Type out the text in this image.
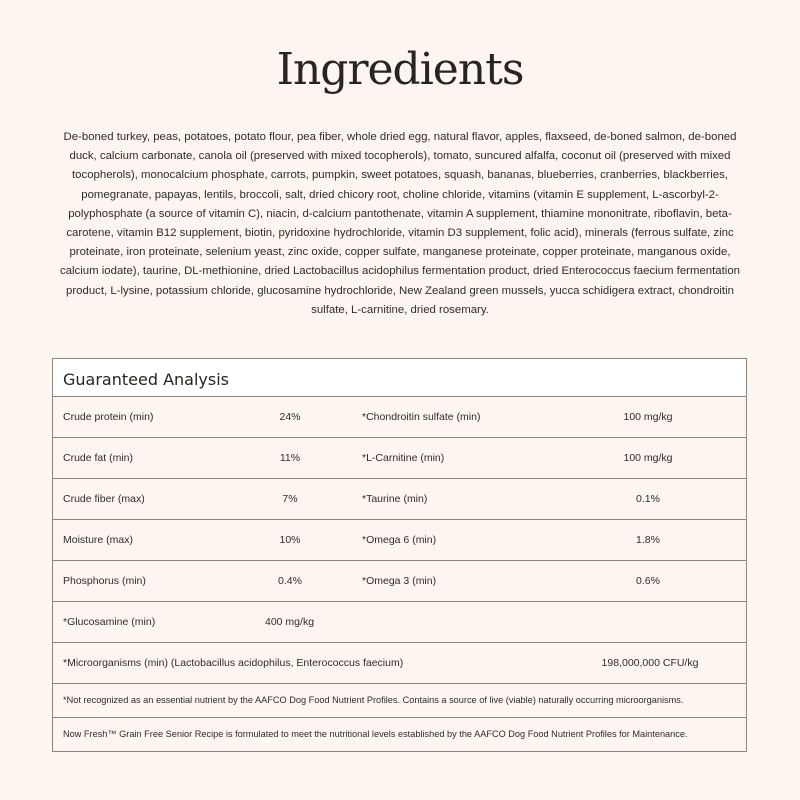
Ingredients

De-boned turkey, peas, potatoes, potato flour, pea fiber, whole dried egg, natural flavor, apples, flaxseed, de-boned salmon, de-boned duck, calcium carbonate, canola oil (preserved with mixed tocopherols), tomato, suncured alfalfa, coconut oil (preserved with mixed tocopherols), monocalcium phosphate, carrots, pumpkin, sweet potatoes, squash, bananas, blueberries, cranberries, blackberries, pomegranate, papayas, lentils, broccoli, salt, dried chicory root, choline chloride, vitamins (vitamin E supplement, L-ascorbyl-2-polyphosphate (a source of vitamin C), niacin, d-calcium pantothenate, vitamin A supplement, thiamine mononitrate, riboflavin, beta-carotene, vitamin B12 supplement, biotin, pyridoxine hydrochloride, vitamin D3 supplement, folic acid), minerals (ferrous sulfate, zinc proteinate, iron proteinate, selenium yeast, zinc oxide, copper sulfate, manganese proteinate, copper proteinate, manganous oxide, calcium iodate), taurine, DL-methionine, dried Lactobacillus acidophilus fermentation product, dried Enterococcus faecium fermentation product, L-lysine, potassium chloride, glucosamine hydrochloride, New Zealand green mussels, yucca schidigera extract, chondroitin sulfate, L-carnitine, dried rosemary.

Guaranteed Analysis
Crude protein (min)	24%	*Chondroitin sulfate (min)	100 mg/kg
Crude fat (min)	11%	*L-Carnitine (min)	100 mg/kg
Crude fiber (max)	7%	*Taurine (min)	0.1%
Moisture (max)	10%	*Omega 6 (min)	1.8%
Phosphorus (min)	0.4%	*Omega 3 (min)	0.6%
*Glucosamine (min)	400 mg/kg
*Microorganisms (min) (Lactobacillus acidophilus, Enterococcus faecium)	198,000,000 CFU/kg
*Not recognized as an essential nutrient by the AAFCO Dog Food Nutrient Profiles. Contains a source of live (viable) naturally occurring microorganisms.
Now Fresh™ Grain Free Senior Recipe is formulated to meet the nutritional levels established by the AAFCO Dog Food Nutrient Profiles for Maintenance.
